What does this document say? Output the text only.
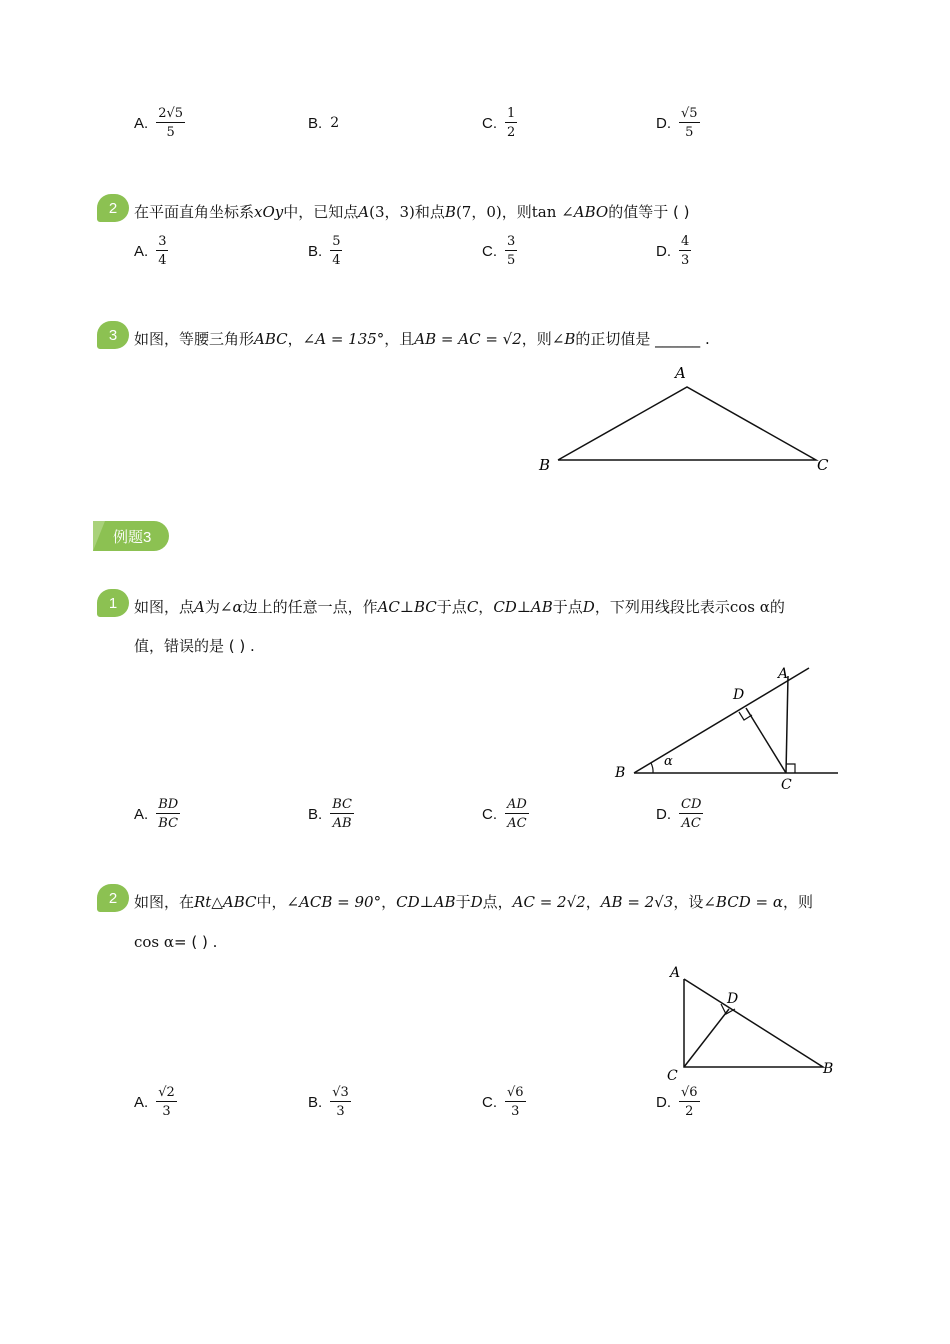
A. $\frac{2√5}{5}$	B. 2	C. $\frac{1}{2}$	D. $\frac{√5}{5}$
2	在平面直角坐标系xOy中，已知点A(3，3)和点B(7，0)，则tan ∠ABO的值等于 ( )
A. $\frac{3}{4}$	B. $\frac{5}{4}$	C. $\frac{3}{5}$	D. $\frac{4}{3}$
3	如图，等腰三角形ABC，∠A = 135°，且AB = AC = √2，则∠B的正切值是 ______ .
A
B	C
例题3
1	如图，点A为∠α边上的任意一点，作AC⊥BC于点C，CD⊥AB于点D，下列用线段比表示cos α的
值，错误的是 ( ) .
A
B
C
D
α
A. $\frac{BD}{BC}$	B. $\frac{BC}{AB}$	C. $\frac{AD}{AC}$	D. $\frac{CD}{AC}$
2	如图，在Rt△ABC中，∠ACB = 90°，CD⊥AB于D点，AC = 2√2，AB = 2√3，设∠BCD = α，则
cos α= ( ) .
A
B
C
D
A. $\frac{√2}{3}$	B. $\frac{√3}{3}$	C. $\frac{√6}{3}$	D. $\frac{√6}{2}$
